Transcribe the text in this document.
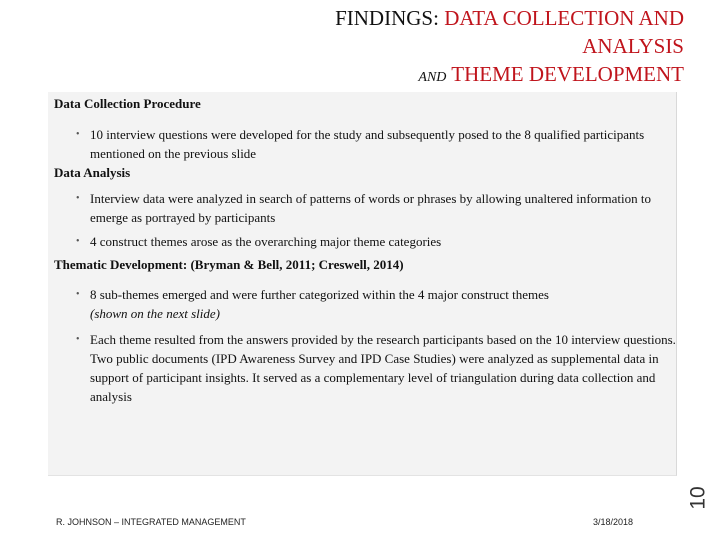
FINDINGS: DATA COLLECTION AND
ANALYSIS
AND THEME DEVELOPMENT
Data Collection Procedure
• 10 interview questions were developed for the study and subsequently posed to the 8 qualified participants mentioned on the previous slide
Data Analysis
• Interview data were analyzed in search of patterns of words or phrases by allowing unaltered information to emerge as portrayed by participants
• 4 construct themes arose as the overarching major theme categories
Thematic Development: (Bryman & Bell, 2011; Creswell, 2014)
• 8 sub-themes emerged and were further categorized within the 4 major construct themes
(shown on the next slide)
• Each theme resulted from the answers provided by the research participants based on the 10 interview questions. Two public documents (IPD Awareness Survey and IPD Case Studies) were analyzed as supplemental data in support of participant insights. It served as a complementary level of triangulation during data collection and analysis
R. JOHNSON – INTEGRATED MANAGEMENT	3/18/2018
10
